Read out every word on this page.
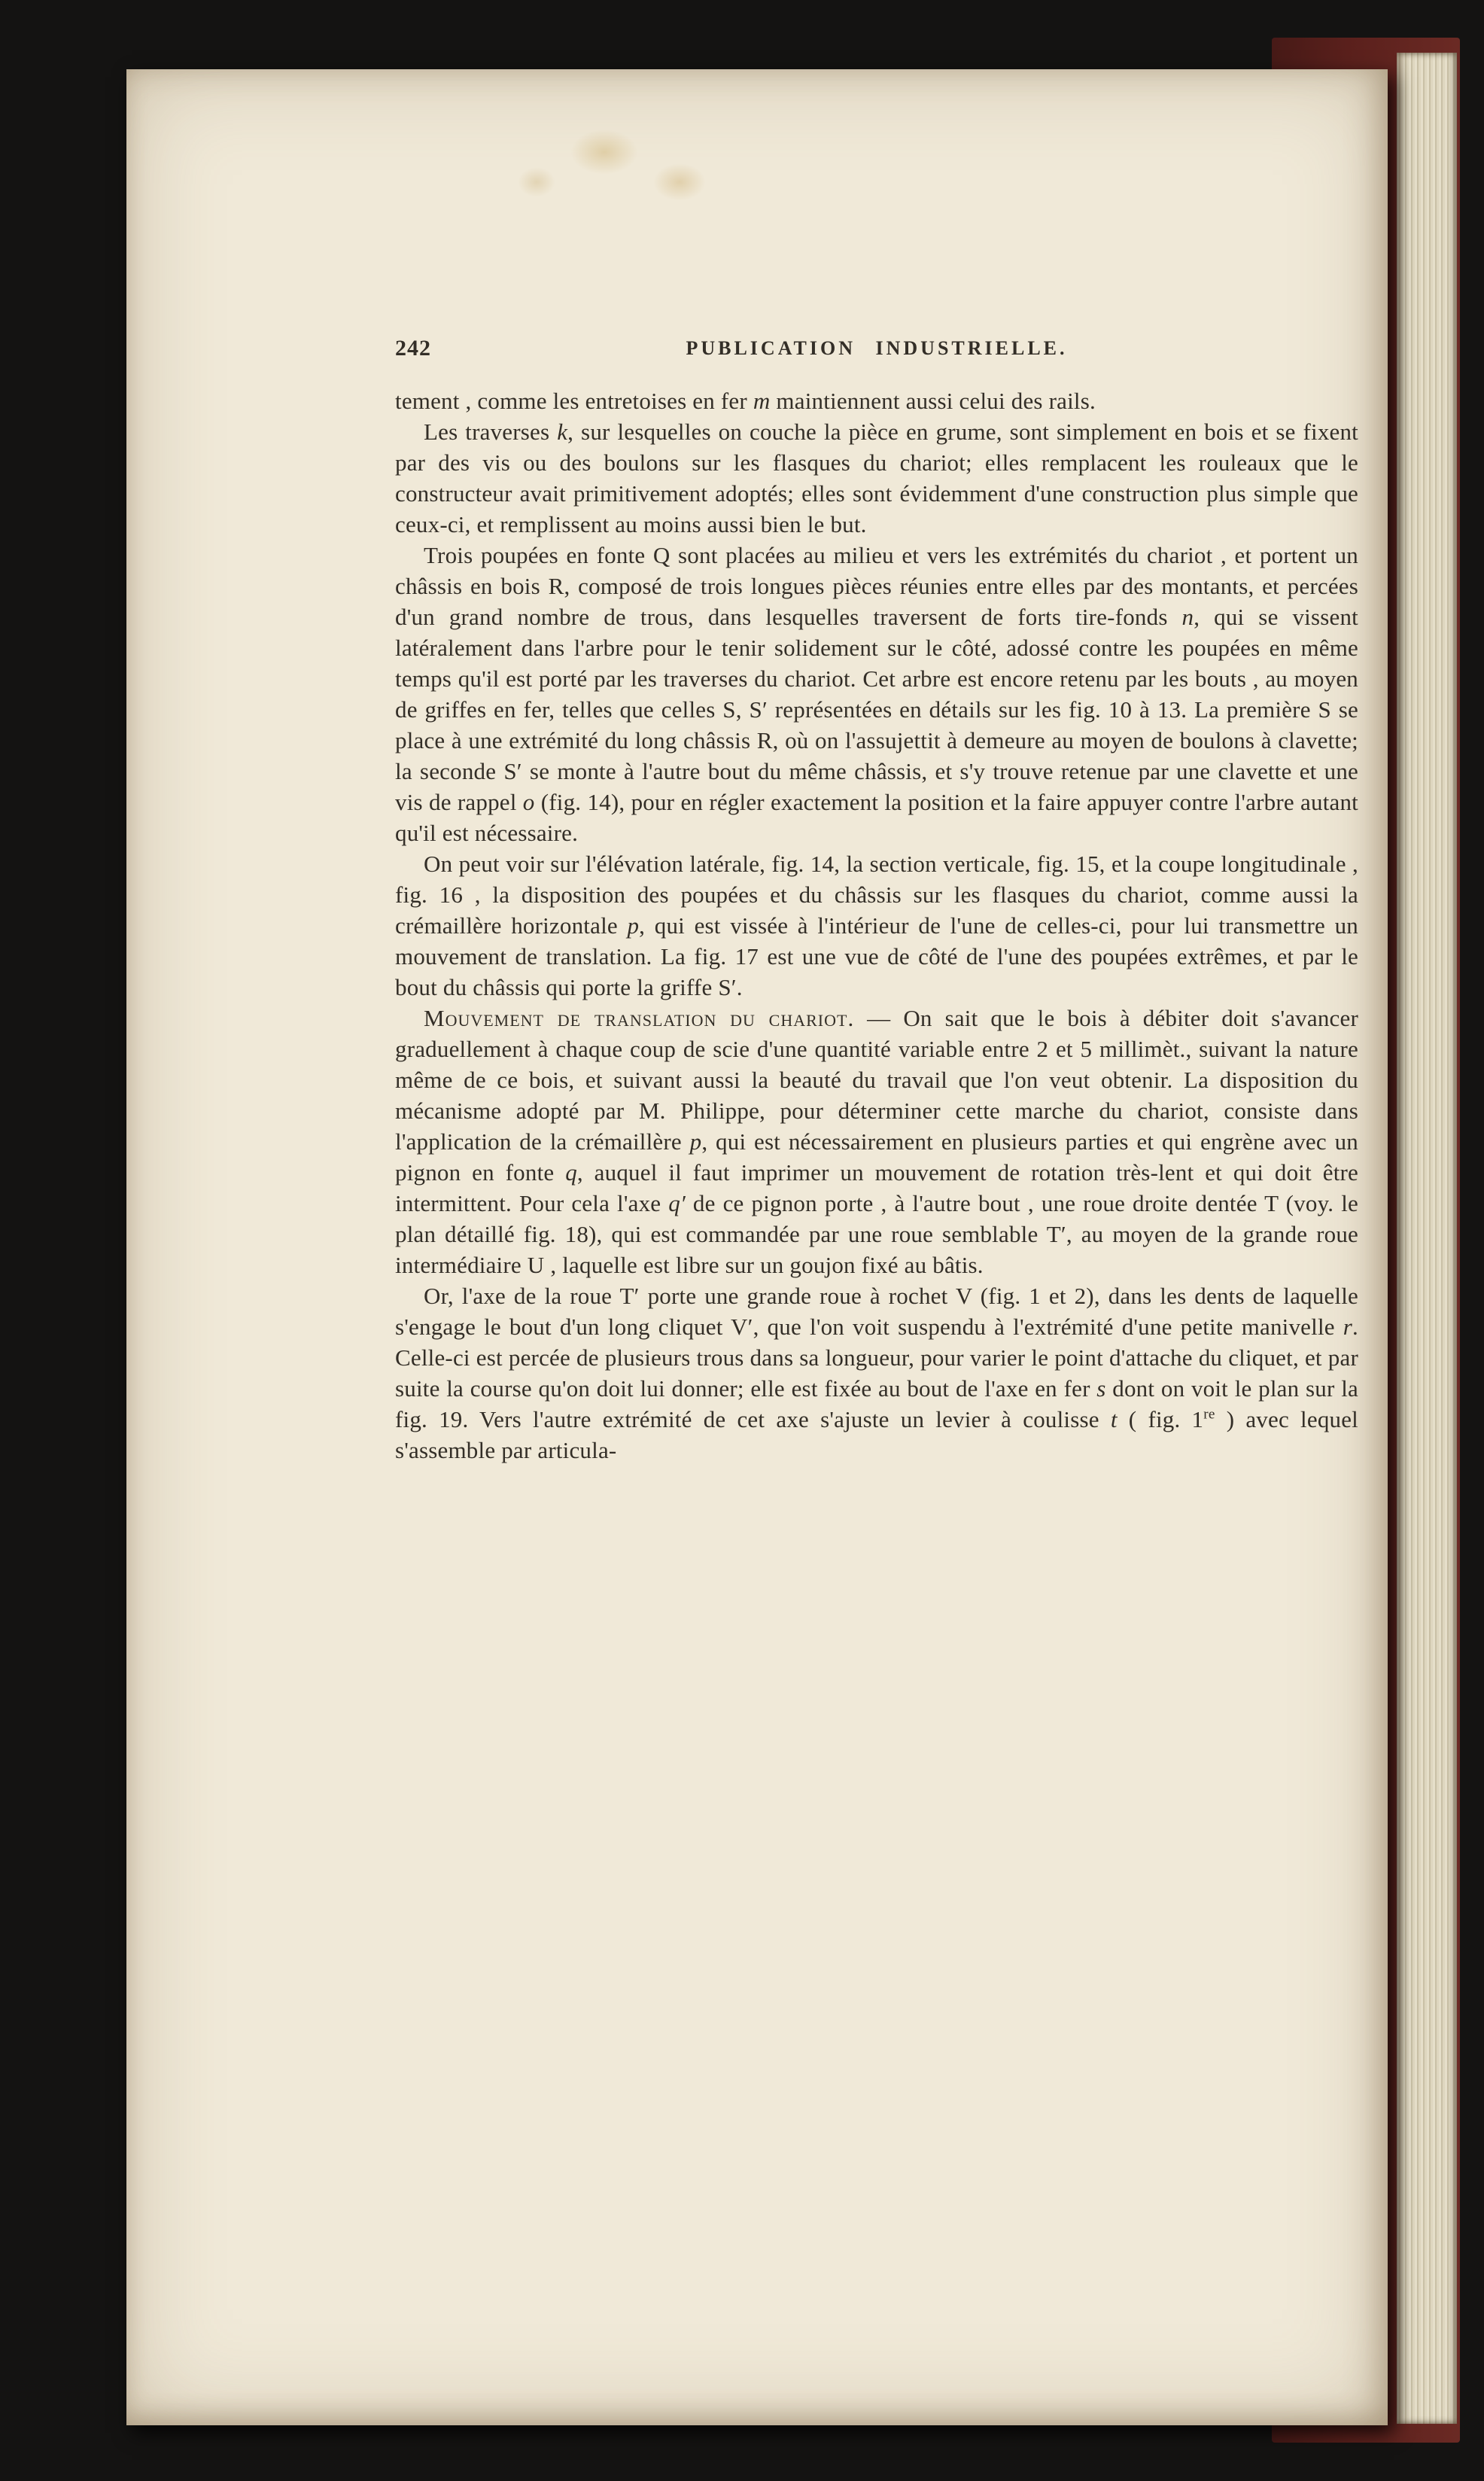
242	PUBLICATION INDUSTRIELLE.

tement , comme les entretoises en fer m maintiennent aussi celui des rails.

Les traverses k, sur lesquelles on couche la pièce en grume, sont simplement en bois et se fixent par des vis ou des boulons sur les flasques du chariot; elles remplacent les rouleaux que le constructeur avait primitivement adoptés; elles sont évidemment d'une construction plus simple que ceux-ci, et remplissent au moins aussi bien le but.

Trois poupées en fonte Q sont placées au milieu et vers les extrémités du chariot , et portent un châssis en bois R, composé de trois longues pièces réunies entre elles par des montants, et percées d'un grand nombre de trous, dans lesquelles traversent de forts tire-fonds n, qui se vissent latéralement dans l'arbre pour le tenir solidement sur le côté, adossé contre les poupées en même temps qu'il est porté par les traverses du chariot. Cet arbre est encore retenu par les bouts , au moyen de griffes en fer, telles que celles S, S′ représentées en détails sur les fig. 10 à 13. La première S se place à une extrémité du long châssis R, où on l'assujettit à demeure au moyen de boulons à clavette; la seconde S′ se monte à l'autre bout du même châssis, et s'y trouve retenue par une clavette et une vis de rappel o (fig. 14), pour en régler exactement la position et la faire appuyer contre l'arbre autant qu'il est nécessaire.

On peut voir sur l'élévation latérale, fig. 14, la section verticale, fig. 15, et la coupe longitudinale , fig. 16 , la disposition des poupées et du châssis sur les flasques du chariot, comme aussi la crémaillère horizontale p, qui est vissée à l'intérieur de l'une de celles-ci, pour lui transmettre un mouvement de translation. La fig. 17 est une vue de côté de l'une des poupées extrêmes, et par le bout du châssis qui porte la griffe S′.

Mouvement de translation du chariot. — On sait que le bois à débiter doit s'avancer graduellement à chaque coup de scie d'une quantité variable entre 2 et 5 millimèt., suivant la nature même de ce bois, et suivant aussi la beauté du travail que l'on veut obtenir. La disposition du mécanisme adopté par M. Philippe, pour déterminer cette marche du chariot, consiste dans l'application de la crémaillère p, qui est nécessairement en plusieurs parties et qui engrène avec un pignon en fonte q, auquel il faut imprimer un mouvement de rotation très-lent et qui doit être intermittent. Pour cela l'axe q′ de ce pignon porte , à l'autre bout , une roue droite dentée T (voy. le plan détaillé fig. 18), qui est commandée par une roue semblable T′, au moyen de la grande roue intermédiaire U , laquelle est libre sur un goujon fixé au bâtis.

Or, l'axe de la roue T′ porte une grande roue à rochet V (fig. 1 et 2), dans les dents de laquelle s'engage le bout d'un long cliquet V′, que l'on voit suspendu à l'extrémité d'une petite manivelle r. Celle-ci est percée de plusieurs trous dans sa longueur, pour varier le point d'attache du cliquet, et par suite la course qu'on doit lui donner; elle est fixée au bout de l'axe en fer s dont on voit le plan sur la fig. 19. Vers l'autre extrémité de cet axe s'ajuste un levier à coulisse t ( fig. 1re ) avec lequel s'assemble par articula-
